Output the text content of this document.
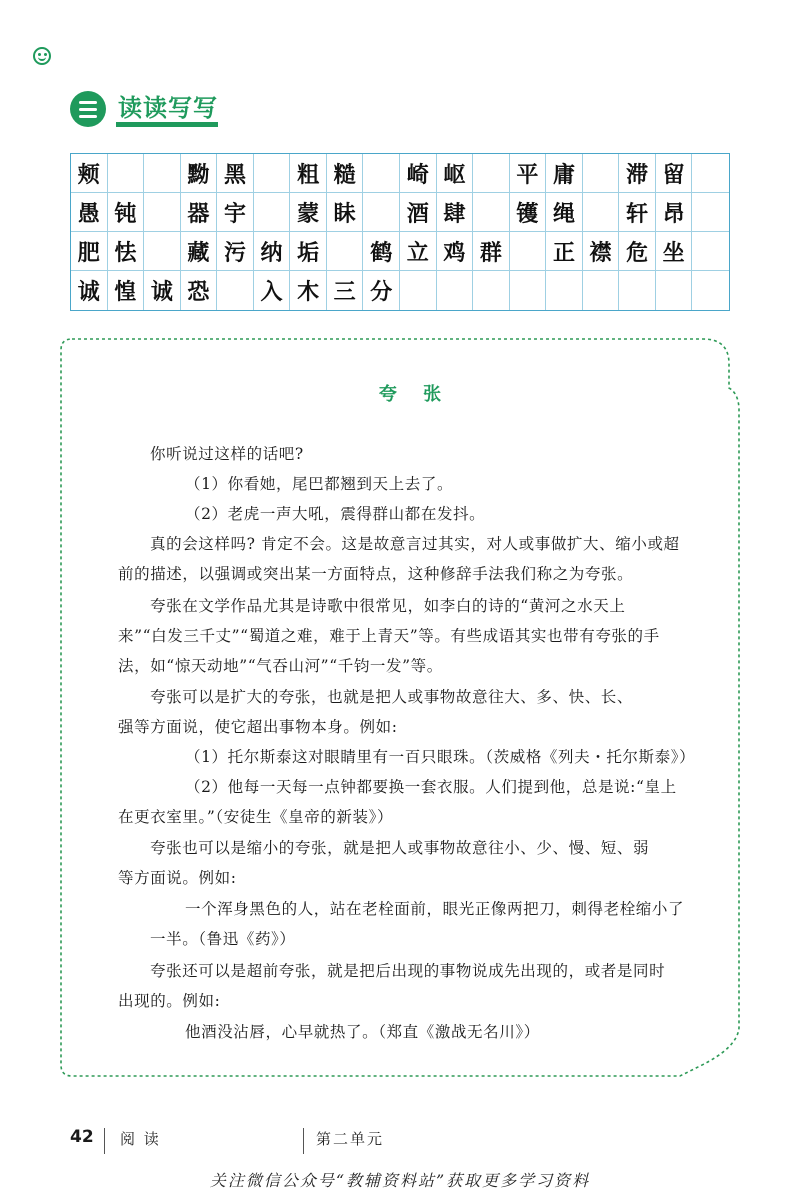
读读写写
颊	黝 黑	粗 糙	崎 岖	平 庸	滞 留
愚 钝	器 宇	蒙 眛	酒 肆	镬 绳	轩 昂
肥 怯	藏 污 纳 垢	鹤 立 鸡 群	正 襟 危 坐
诚 惶 诚 恐	入 木 三 分
夸 张

你听说过这样的话吧?

（1）你看她，尾巴都翘到天上去了。

（2）老虎一声大吼，震得群山都在发抖。

真的会这样吗? 肯定不会。这是故意言过其实，对人或事做扩大、缩小或超

前的描述，以强调或突出某一方面特点，这种修辞手法我们称之为夸张。

夸张在文学作品尤其是诗歌中很常见，如李白的诗的“黄河之水天上

来”“白发三千丈”“蜀道之难，难于上青天”等。有些成语其实也带有夸张的手

法，如“惊天动地”“气吞山河”“千钧一发”等。

夸张可以是扩大的夸张，也就是把人或事物故意往大、多、快、长、

强等方面说，使它超出事物本身。例如:

（1）托尔斯泰这对眼睛里有一百只眼珠。（茨威格《列夫・托尔斯泰》）

（2）他每一天每一点钟都要换一套衣服。人们提到他，总是说:“皇上

在更衣室里。”（安徒生《皇帝的新装》）

夸张也可以是缩小的夸张，就是把人或事物故意往小、少、慢、短、弱

等方面说。例如:

一个浑身黑色的人，站在老栓面前，眼光正像两把刀，刺得老栓缩小了

一半。（鲁迅《药》）

夸张还可以是超前夸张，就是把后出现的事物说成先出现的，或者是同时

出现的。例如:

他酒没沾唇，心早就热了。（郑直《激战无名川》）

42 阅 读	第二单元
关注微信公众号“教辅资料站”获取更多学习资料
